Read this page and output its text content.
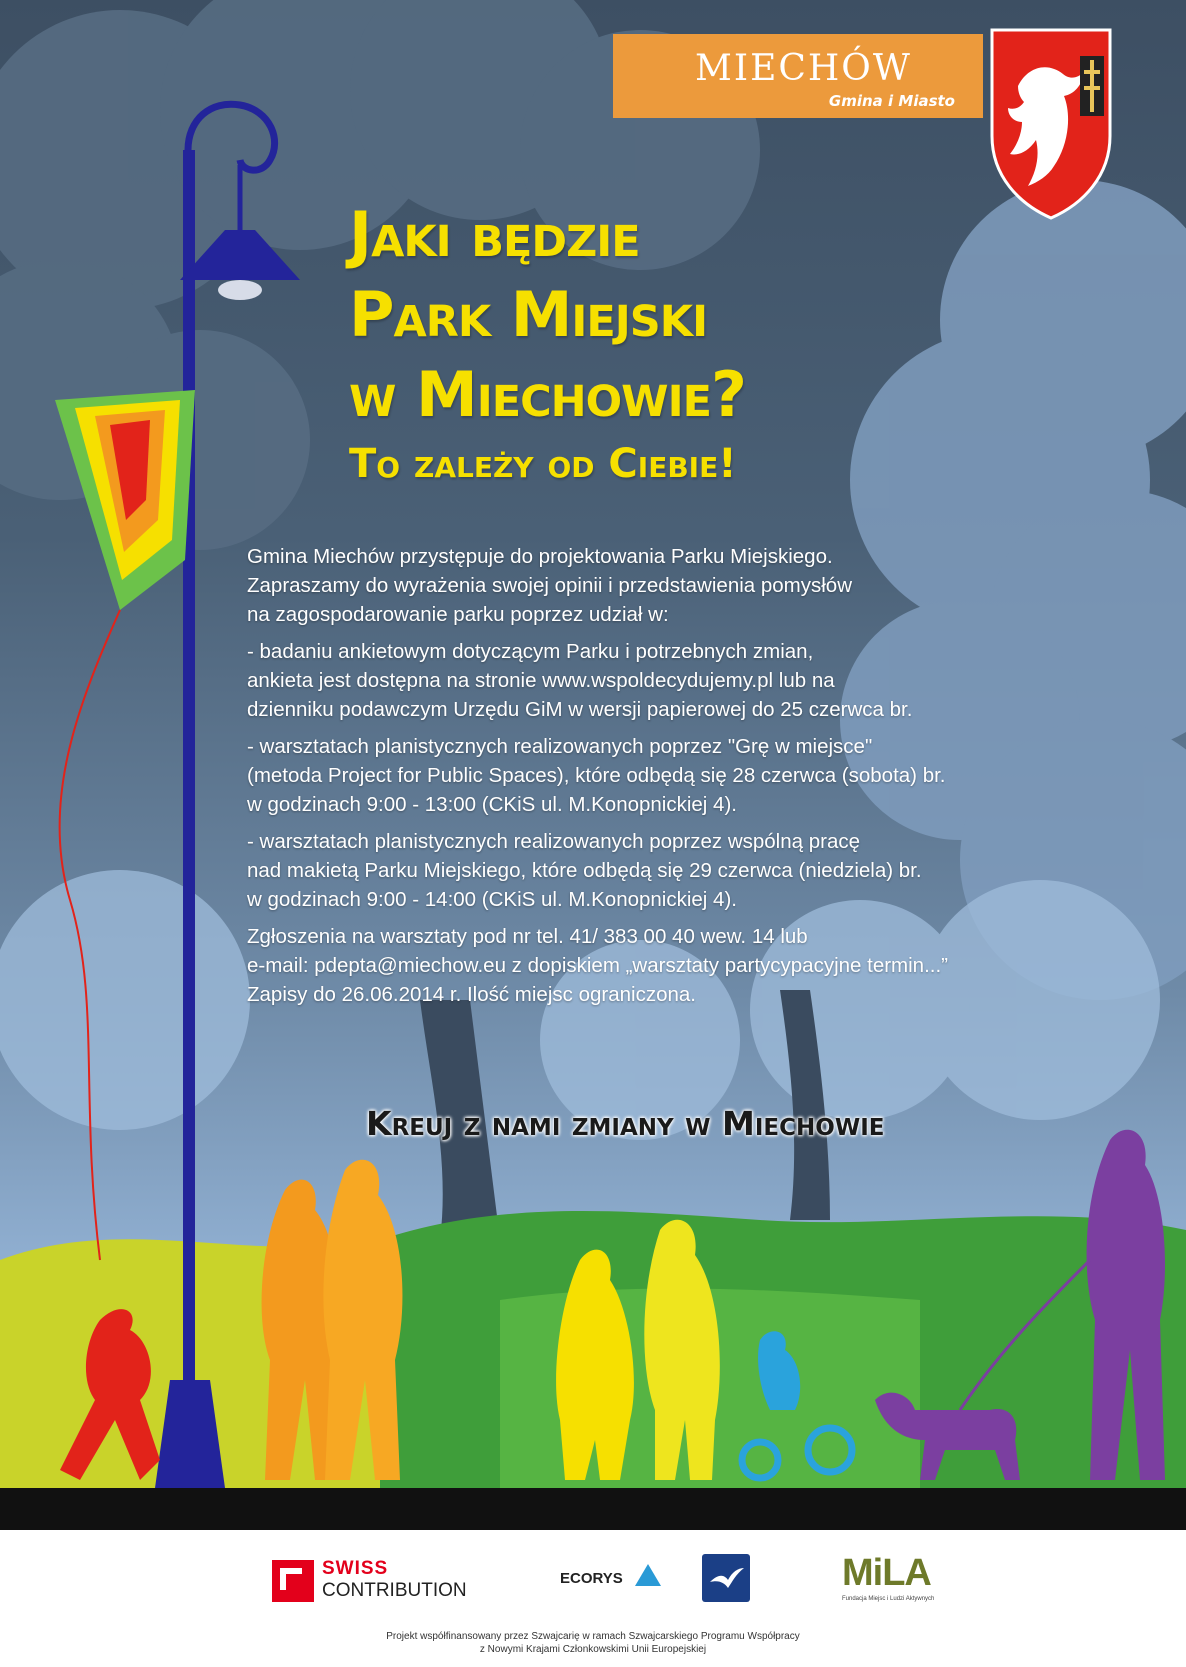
MIECHÓW
Gmina i Miasto
Jaki będzie
Park Miejski
w Miechowie?
To zależy od Ciebie!

Gmina Miechów przystępuje do projektowania Parku Miejskiego.
Zapraszamy do wyrażenia swojej opinii i przedstawienia pomysłów
na zagospodarowanie parku poprzez udział w:

- badaniu ankietowym dotyczącym Parku i potrzebnych zmian,
ankieta jest dostępna na stronie www.wspoldecydujemy.pl lub na
dzienniku podawczym Urzędu GiM w wersji papierowej do 25 czerwca br.

- warsztatach planistycznych realizowanych poprzez "Grę w miejsce"
(metoda Project for Public Spaces), które odbędą się 28 czerwca (sobota) br.
w godzinach 9:00 - 13:00 (CKiS ul. M.Konopnickiej 4).

- warsztatach planistycznych realizowanych poprzez wspólną pracę
nad makietą Parku Miejskiego, które odbędą się 29 czerwca (niedziela) br.
w godzinach 9:00 - 14:00 (CKiS ul. M.Konopnickiej 4).

Zgłoszenia na warsztaty pod nr tel. 41/ 383 00 40 wew. 14 lub
e-mail: pdepta@miechow.eu z dopiskiem „warsztaty partycypacyjne termin...”
Zapisy do 26.06.2014 r. Ilość miejsc ograniczona.

Kreuj z nami zmiany w Miechowie
SWISS
CONTRIBUTION
ECORYS	MiLA
Fundacja Miejsc i Ludzi Aktywnych
Projekt współfinansowany przez Szwajcarię w ramach Szwajcarskiego Programu Współpracy
z Nowymi Krajami Członkowskimi Unii Europejskiej
